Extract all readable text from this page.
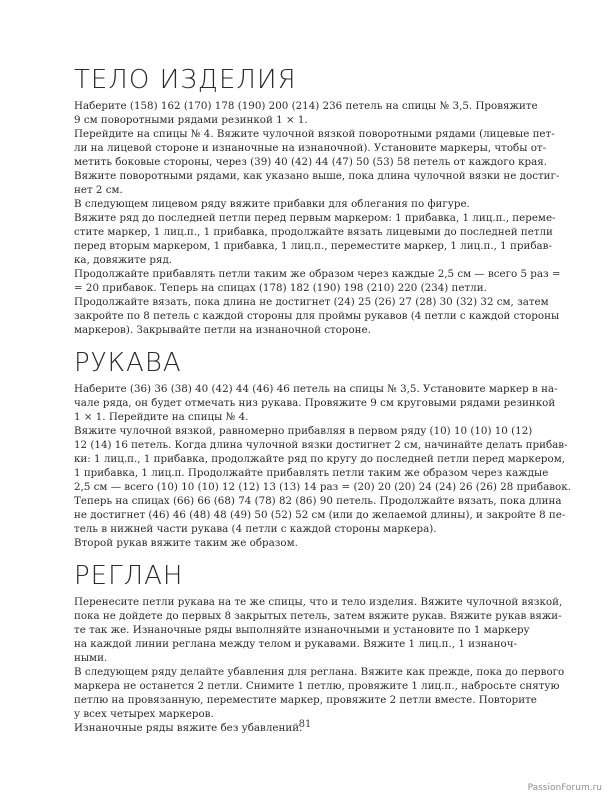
ТЕЛО ИЗДЕЛИЯ

Наберите (158) 162 (170) 178 (190) 200 (214) 236 петель на спицы № 3,5. Провяжите

9 см поворотными рядами резинкой 1 × 1.

Перейдите на спицы № 4. Вяжите чулочной вязкой поворотными рядами (лицевые пет-

ли на лицевой стороне и изнаночные на изнаночной). Установите маркеры, чтобы от-

метить боковые стороны, через (39) 40 (42) 44 (47) 50 (53) 58 петель от каждого края.

Вяжите поворотными рядами, как указано выше, пока длина чулочной вязки не достиг-

нет 2 см.

В следующем лицевом ряду вяжите прибавки для облегания по фигуре.

Вяжите ряд до последней петли перед первым маркером: 1 прибавка, 1 лиц.п., переме-

стите маркер, 1 лиц.п., 1 прибавка, продолжайте вязать лицевыми до последней петли

перед вторым маркером, 1 прибавка, 1 лиц.п., переместите маркер, 1 лиц.п., 1 прибав-

ка, довяжите ряд.

Продолжайте прибавлять петли таким же образом через каждые 2,5 см — всего 5 раз =

= 20 прибавок. Теперь на спицах (178) 182 (190) 198 (210) 220 (234) петли.

Продолжайте вязать, пока длина не достигнет (24) 25 (26) 27 (28) 30 (32) 32 см, затем

закройте по 8 петель с каждой стороны для проймы рукавов (4 петли с каждой стороны

маркеров). Закрывайте петли на изнаночной стороне.

РУКАВА

Наберите (36) 36 (38) 40 (42) 44 (46) 46 петель на спицы № 3,5. Установите маркер в на-

чале ряда, он будет отмечать низ рукава. Провяжите 9 см круговыми рядами резинкой

1 × 1. Перейдите на спицы № 4.

Вяжите чулочной вязкой, равномерно прибавляя в первом ряду (10) 10 (10) 10 (12)

12 (14) 16 петель. Когда длина чулочной вязки достигнет 2 см, начинайте делать прибав-

ки: 1 лиц.п., 1 прибавка, продолжайте ряд по кругу до последней петли перед маркером,

1 прибавка, 1 лиц.п. Продолжайте прибавлять петли таким же образом через каждые

2,5 см — всего (10) 10 (10) 12 (12) 13 (13) 14 раз = (20) 20 (20) 24 (24) 26 (26) 28 прибавок.

Теперь на спицах (66) 66 (68) 74 (78) 82 (86) 90 петель. Продолжайте вязать, пока длина

не достигнет (46) 46 (48) 48 (49) 50 (52) 52 см (или до желаемой длины), и закройте 8 пе-

тель в нижней части рукава (4 петли с каждой стороны маркера).

Второй рукав вяжите таким же образом.

РЕГЛАН

Перенесите петли рукава на те же спицы, что и тело изделия. Вяжите чулочной вязкой,

пока не дойдете до первых 8 закрытых петель, затем вяжите рукав. Вяжите рукав вяжи-

те так же. Изнаночные ряды выполняйте изнаночными и установите по 1 маркеру

на каждой линии реглана между телом и рукавами. Вяжите 1 лиц.п., 1 изнаноч-

ными.

В следующем ряду делайте убавления для реглана. Вяжите как прежде, пока до первого

маркера не останется 2 петли. Снимите 1 петлю, провяжите 1 лиц.п., набросьте снятую

петлю на провязанную, переместите маркер, провяжите 2 петли вместе. Повторите

у всех четырех маркеров.

Изнаночные ряды вяжите без убавлений.

81
PassionForum.ru
